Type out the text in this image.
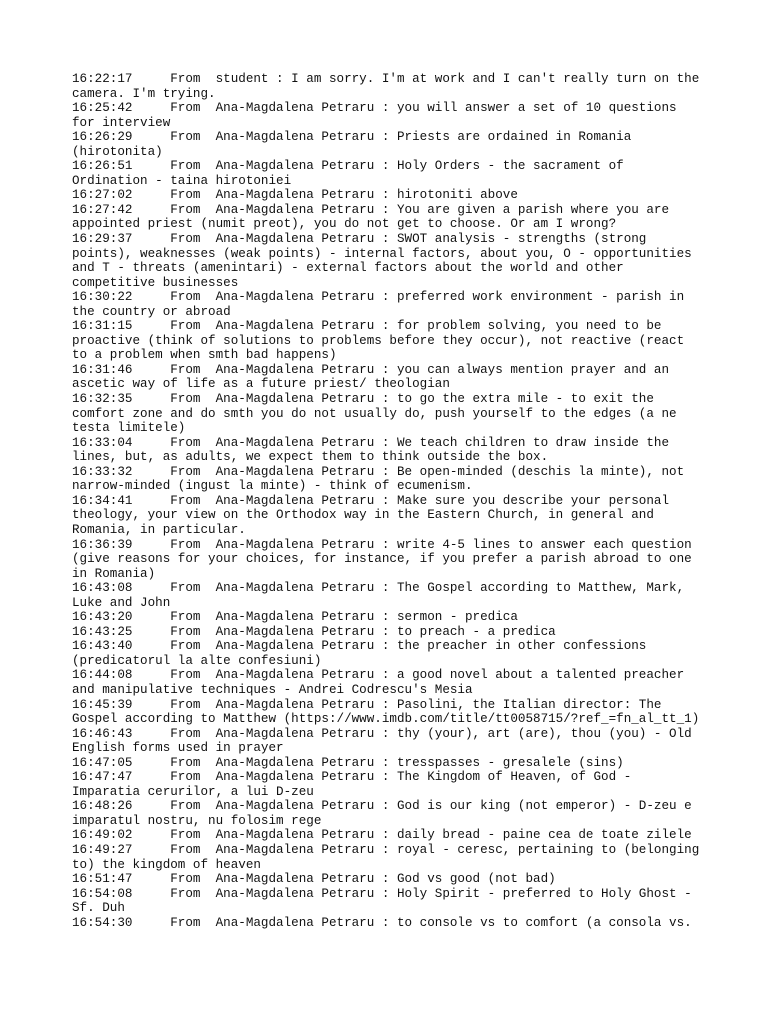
16:22:17     From  student : I am sorry. I'm at work and I can't really turn on the
camera. I'm trying.
16:25:42     From  Ana-Magdalena Petraru : you will answer a set of 10 questions
for interview
16:26:29     From  Ana-Magdalena Petraru : Priests are ordained in Romania
(hirotonita)
16:26:51     From  Ana-Magdalena Petraru : Holy Orders - the sacrament of
Ordination - taina hirotoniei
16:27:02     From  Ana-Magdalena Petraru : hirotoniti above
16:27:42     From  Ana-Magdalena Petraru : You are given a parish where you are
appointed priest (numit preot), you do not get to choose. Or am I wrong?
16:29:37     From  Ana-Magdalena Petraru : SWOT analysis - strengths (strong
points), weaknesses (weak points) - internal factors, about you, O - opportunities
and T - threats (amenintari) - external factors about the world and other
competitive businesses
16:30:22     From  Ana-Magdalena Petraru : preferred work environment - parish in
the country or abroad
16:31:15     From  Ana-Magdalena Petraru : for problem solving, you need to be
proactive (think of solutions to problems before they occur), not reactive (react
to a problem when smth bad happens)
16:31:46     From  Ana-Magdalena Petraru : you can always mention prayer and an
ascetic way of life as a future priest/ theologian
16:32:35     From  Ana-Magdalena Petraru : to go the extra mile - to exit the
comfort zone and do smth you do not usually do, push yourself to the edges (a ne
testa limitele)
16:33:04     From  Ana-Magdalena Petraru : We teach children to draw inside the
lines, but, as adults, we expect them to think outside the box.
16:33:32     From  Ana-Magdalena Petraru : Be open-minded (deschis la minte), not
narrow-minded (ingust la minte) - think of ecumenism.
16:34:41     From  Ana-Magdalena Petraru : Make sure you describe your personal
theology, your view on the Orthodox way in the Eastern Church, in general and
Romania, in particular.
16:36:39     From  Ana-Magdalena Petraru : write 4-5 lines to answer each question
(give reasons for your choices, for instance, if you prefer a parish abroad to one
in Romania)
16:43:08     From  Ana-Magdalena Petraru : The Gospel according to Matthew, Mark,
Luke and John
16:43:20     From  Ana-Magdalena Petraru : sermon - predica
16:43:25     From  Ana-Magdalena Petraru : to preach - a predica
16:43:40     From  Ana-Magdalena Petraru : the preacher in other confessions
(predicatorul la alte confesiuni)
16:44:08     From  Ana-Magdalena Petraru : a good novel about a talented preacher
and manipulative techniques - Andrei Codrescu's Mesia
16:45:39     From  Ana-Magdalena Petraru : Pasolini, the Italian director: The
Gospel according to Matthew (https://www.imdb.com/title/tt0058715/?ref_=fn_al_tt_1)
16:46:43     From  Ana-Magdalena Petraru : thy (your), art (are), thou (you) - Old
English forms used in prayer
16:47:05     From  Ana-Magdalena Petraru : tresspasses - gresalele (sins)
16:47:47     From  Ana-Magdalena Petraru : The Kingdom of Heaven, of God -
Imparatia cerurilor, a lui D-zeu
16:48:26     From  Ana-Magdalena Petraru : God is our king (not emperor) - D-zeu e
imparatul nostru, nu folosim rege
16:49:02     From  Ana-Magdalena Petraru : daily bread - paine cea de toate zilele
16:49:27     From  Ana-Magdalena Petraru : royal - ceresc, pertaining to (belonging
to) the kingdom of heaven
16:51:47     From  Ana-Magdalena Petraru : God vs good (not bad)
16:54:08     From  Ana-Magdalena Petraru : Holy Spirit - preferred to Holy Ghost -
Sf. Duh
16:54:30     From  Ana-Magdalena Petraru : to console vs to comfort (a consola vs.
